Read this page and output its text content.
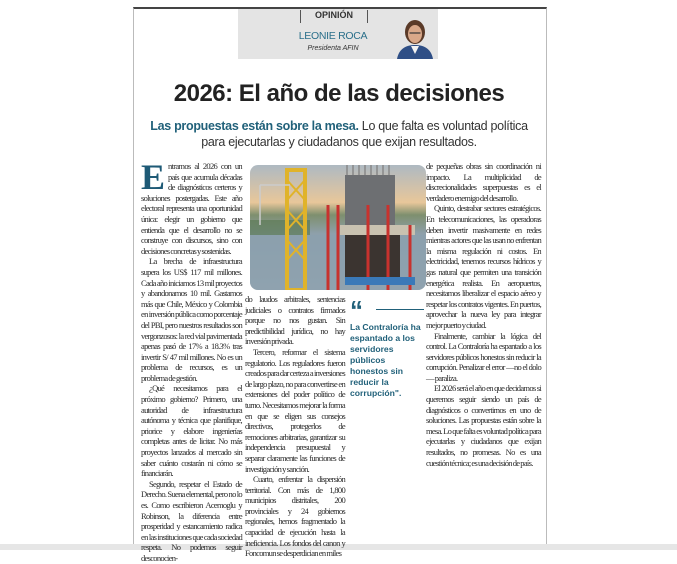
OPINIÓN
LEONIE ROCA
Presidenta AFIN
2026: El año de las decisiones
Las propuestas están sobre la mesa. Lo que falta es voluntad política para ejecutarlas y ciudadanos que exijan resultados.
E ntramos al 2026 con un país que acumula décadas de diagnósticos certeros y soluciones postergadas. Este año electoral representa una oportunidad única: elegir un gobierno que entienda que el desarrollo no se construye con discursos, sino con decisiones concretas y sostenidas.

La brecha de infraestructura supera los US$ 117 mil millones. Cada año iniciamos 13 mil proyectos y abandonamos 10 mil. Gastamos más que Chile, México y Colombia en inversión pública como porcentaje del PBI, pero nuestros resultados son vergonzosos: la red vial pavimentada apenas pasó de 17% a 18.3% tras invertir S/ 47 mil millones. No es un problema de recursos, es un problema de gestión.

¿Qué necesitamos para el próximo gobierno? Primero, una autoridad de infraestructura autónoma y técnica que planifique, priorice y elabore ingenierías completas antes de licitar. No más proyectos lanzados al mercado sin saber cuánto costarán ni cómo se financiarán.

Segundo, respetar el Estado de Derecho. Suena elemental, pero no lo es. Como escribieron Acemoglu y Robinson, la diferencia entre prosperidad y estancamiento radica en las instituciones que cada sociedad respeta. No podemos seguir desconocien-

“
La Contraloría ha espantado a los servidores públicos honestos sin reducir la corrupción".

do laudos arbitrales, sentencias judiciales o contratos firmados porque no nos gustan. Sin predictibilidad jurídica, no hay inversión privada.

Tercero, reformar el sistema regulatorio. Los reguladores fueron creados para dar certeza a inversiones de largo plazo, no para convertirse en extensiones del poder político de turno. Necesitamos mejorar la forma en que se eligen sus consejos directivos, protegerlos de remociones arbitrarias, garantizar su independencia presupuestal y separar claramente las funciones de investigación y sanción.

Cuarto, enfrentar la dispersión territorial. Con más de 1,800 municipios distritales, 200 provinciales y 24 gobiernos regionales, hemos fragmentado la capacidad de ejecución hasta la ineficiencia. Los fondos del canon y Foncomun se desperdician en miles

de pequeñas obras sin coordinación ni impacto. La multiplicidad de discrecionalidades superpuestas es el verdadero enemigo del desarrollo.

Quinto, destrabar sectores estratégicos. En telecomunicaciones, las operadoras deben invertir masivamente en redes mientras actores que las usan no enfrentan la misma regulación ni costos. En electricidad, tenemos recursos hídricos y gas natural que permiten una transición energética realista. En aeropuertos, necesitamos liberalizar el espacio aéreo y respetar los contratos vigentes. En puertos, aprovechar la nueva ley para integrar mejor puerto y ciudad.

Finalmente, cambiar la lógica del control. La Contraloría ha espantado a los servidores públicos honestos sin reducir la corrupción. Penalizar el error —no el dolo— paraliza.

El 2026 será el año en que decidamos si queremos seguir siendo un país de diagnósticos o convertirnos en uno de soluciones. Las propuestas están sobre la mesa. Lo que falta es voluntad política para ejecutarlas y ciudadanos que exijan resultados, no promesas. No es una cuestión técnica; es una decisión de país.
